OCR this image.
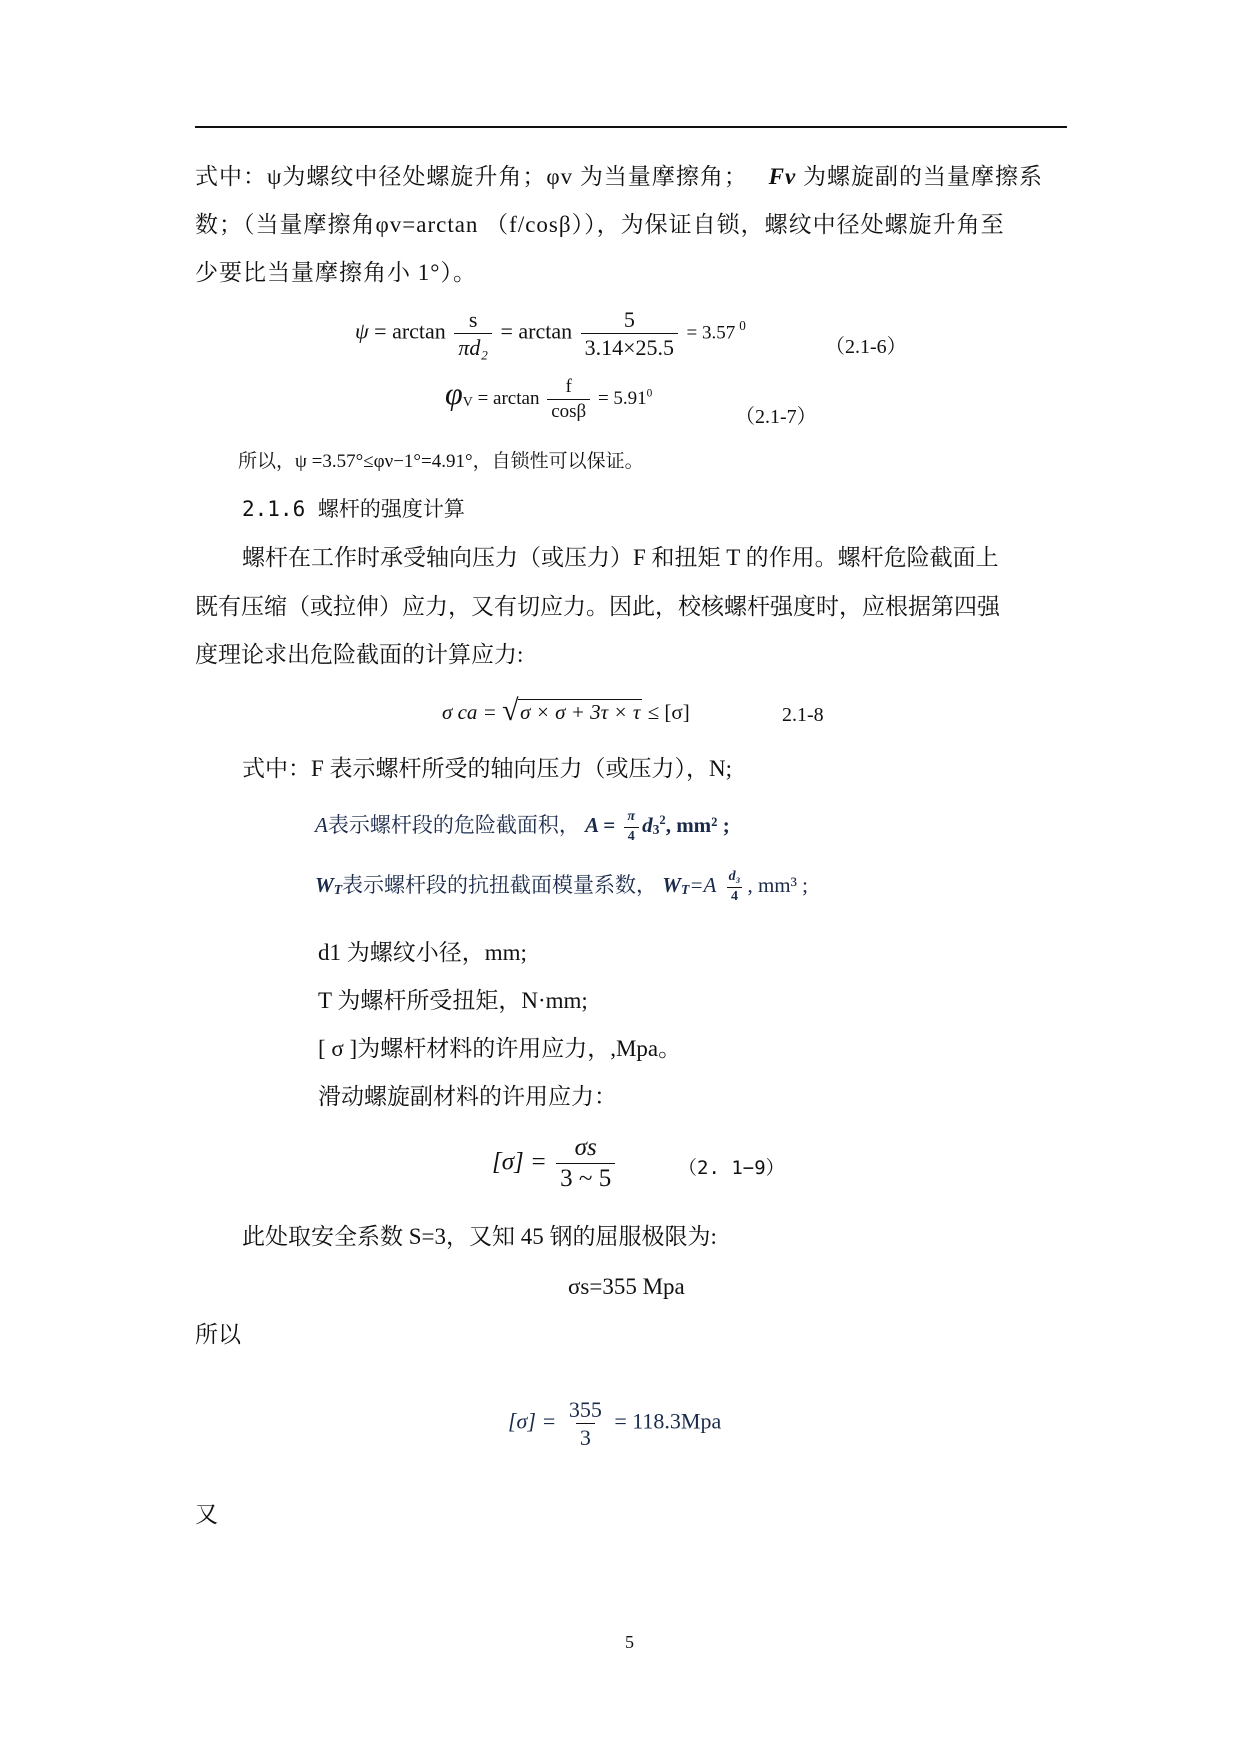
式中：ψ为螺纹中径处螺旋升角；φv 为当量摩擦角； Fv 为螺旋副的当量摩擦系
数；（当量摩擦角φv=arctan （f/cosβ）），为保证自锁，螺纹中径处螺旋升角至
少要比当量摩擦角小 1°）。
$\psi = \arctan \frac{s}{\text{πd₂}} = \arctan \frac{5}{3.14\times 25.5} = 3.57$ $^0$
（2.1-6）
$\varphi V = \arctan \frac{f}{\cos\beta} = 5.91^0$
（2.1-7）
所以，ψ =3.57°≤φν−1°=4.91°，自锁性可以保证。
2.1.6 螺杆的强度计算
螺杆在工作时承受轴向压力（或压力）F 和扭矩 T 的作用。螺杆危险截面上
既有压缩（或拉伸）应力，又有切应力。因此，校核螺杆强度时，应根据第四强
度理论求出危险截面的计算应力:
σ ca = √ σ × σ + 3τ × τ ≤ [σ]	2.1-8
式中：F 表示螺杆所受的轴向压力（或压力），N;
A表示螺杆段的危险截面积， $A = \frac{\pi}{4} d3^2$, mm² ;
WT表示螺杆段的抗扭截面模量系数， $WT=A \frac{\text{d₃}}{4}$ , mm³ ;
d1 为螺纹小径，mm;
T 为螺杆所受扭矩，N·mm;
[ σ ]为螺杆材料的许用应力，,Mpa。
滑动螺旋副材料的许用应力：
$[\sigma] = \frac{\sigma s}{3 \sim 5}$	（2. 1−9）
此处取安全系数 S=3，又知 45 钢的屈服极限为:
σs=355 Mpa
所以
$[\sigma] = \frac{355}{3} = 118.3Mpa$
又
5
